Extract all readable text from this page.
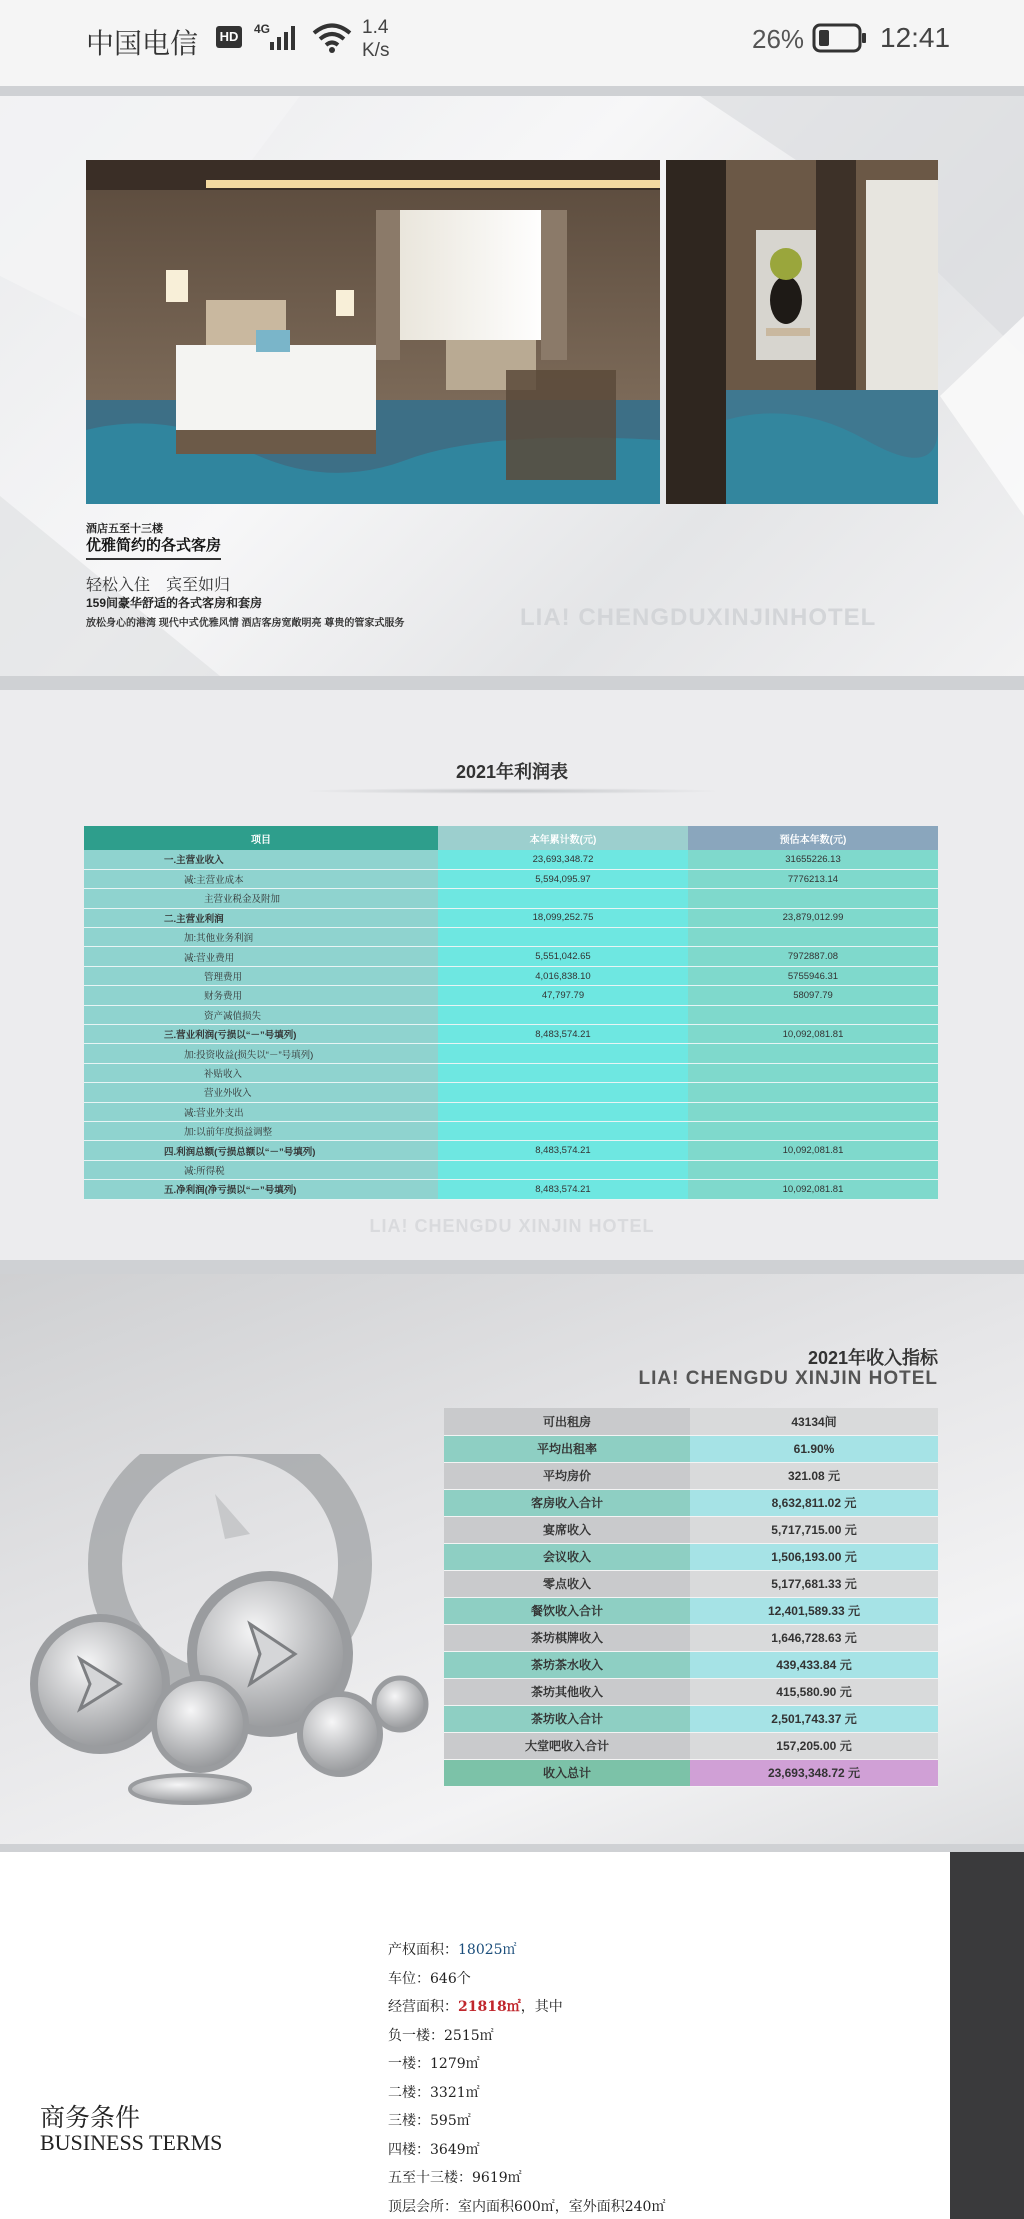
中国电信 HD	4G	1.4
K/s	26%	12:41
酒店五至十三楼
优雅简约的各式客房
轻松入住　宾至如归
159间豪华舒适的各式客房和套房
放松身心的港湾 现代中式优雅风情 酒店客房宽敞明亮 尊贵的管家式服务	LIA! CHENGDUXINJINHOTEL
2021年利润表
项目	本年累计数(元)	预估本年数(元)
一.主营业收入	23,693,348.72	31655226.13
减:主营业成本	5,594,095.97	7776213.14
主营业税金及附加		
二.主营业利润	18,099,252.75	23,879,012.99
加:其他业务利润		
减:营业费用	5,551,042.65	7972887.08
管理费用	4,016,838.10	5755946.31
财务费用	47,797.79	58097.79
资产减值损失		
三.营业利润(亏损以“－”号填列)	8,483,574.21	10,092,081.81
加:投资收益(损失以“－”号填列)		
补贴收入		
营业外收入		
减:营业外支出		
加:以前年度损益调整		
四.利润总额(亏损总额以“－”号填列)	8,483,574.21	10,092,081.81
减:所得税		
五.净利润(净亏损以“－”号填列)	8,483,574.21	10,092,081.81
LIA! CHENGDU XINJIN HOTEL
2021年收入指标
LIA! CHENGDU XINJIN HOTEL
可出租房	43134间
平均出租率	61.90%
平均房价	321.08 元
客房收入合计	8,632,811.02 元
宴席收入	5,717,715.00 元
会议收入	1,506,193.00 元
零点收入	5,177,681.33 元
餐饮收入合计	12,401,589.33 元
茶坊棋牌收入	1,646,728.63 元
茶坊茶水收入	439,433.84 元
茶坊其他收入	415,580.90 元
茶坊收入合计	2,501,743.37 元
大堂吧收入合计	157,205.00 元
收入总计	23,693,348.72 元
产权面积：18025㎡
车位：646个
经营面积：21818㎡，其中
负一楼：2515㎡
一楼：1279㎡
二楼：3321㎡
三楼：595㎡
四楼：3649㎡
五至十三楼：9619㎡
顶层会所：室内面积600㎡，室外面积240㎡
商务条件
BUSINESS TERMS
